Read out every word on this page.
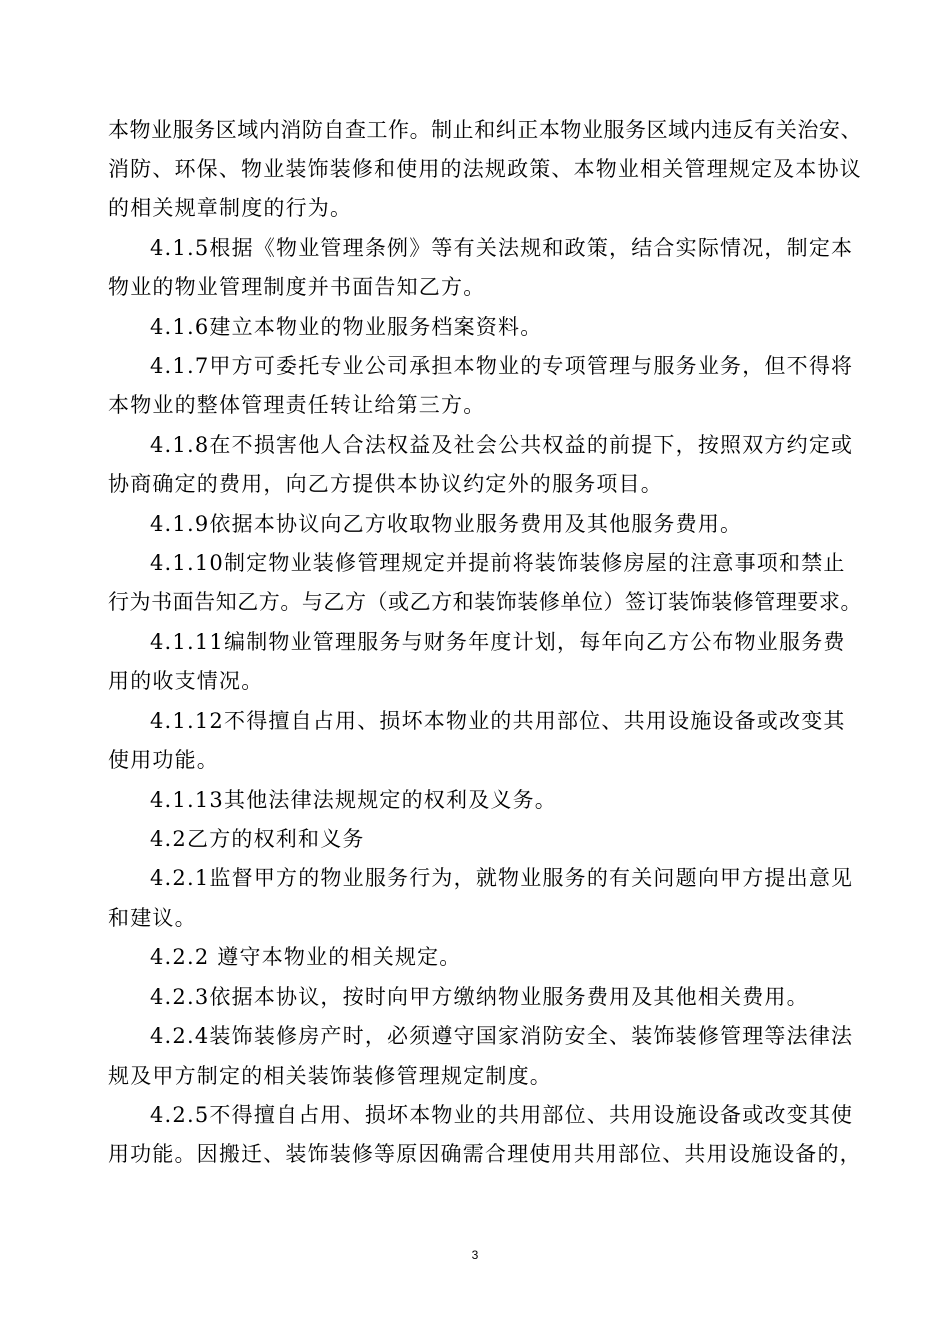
本物业服务区域内消防自查工作。制止和纠正本物业服务区域内违反有关治安、
消防、环保、物业装饰装修和使用的法规政策、本物业相关管理规定及本协议
的相关规章制度的行为。
4.1.5根据《物业管理条例》等有关法规和政策，结合实际情况，制定本
物业的物业管理制度并书面告知乙方。
4.1.6建立本物业的物业服务档案资料。
4.1.7甲方可委托专业公司承担本物业的专项管理与服务业务，但不得将
本物业的整体管理责任转让给第三方。
4.1.8在不损害他人合法权益及社会公共权益的前提下，按照双方约定或
协商确定的费用，向乙方提供本协议约定外的服务项目。
4.1.9依据本协议向乙方收取物业服务费用及其他服务费用。
4.1.10制定物业装修管理规定并提前将装饰装修房屋的注意事项和禁止
行为书面告知乙方。与乙方（或乙方和装饰装修单位）签订装饰装修管理要求。
4.1.11编制物业管理服务与财务年度计划，每年向乙方公布物业服务费
用的收支情况。
4.1.12不得擅自占用、损坏本物业的共用部位、共用设施设备或改变其
使用功能。
4.1.13其他法律法规规定的权利及义务。
4.2乙方的权利和义务
4.2.1监督甲方的物业服务行为，就物业服务的有关问题向甲方提出意见
和建议。
4.2.2 遵守本物业的相关规定。
4.2.3依据本协议，按时向甲方缴纳物业服务费用及其他相关费用。
4.2.4装饰装修房产时，必须遵守国家消防安全、装饰装修管理等法律法
规及甲方制定的相关装饰装修管理规定制度。
4.2.5不得擅自占用、损坏本物业的共用部位、共用设施设备或改变其使
用功能。因搬迁、装饰装修等原因确需合理使用共用部位、共用设施设备的，
3
